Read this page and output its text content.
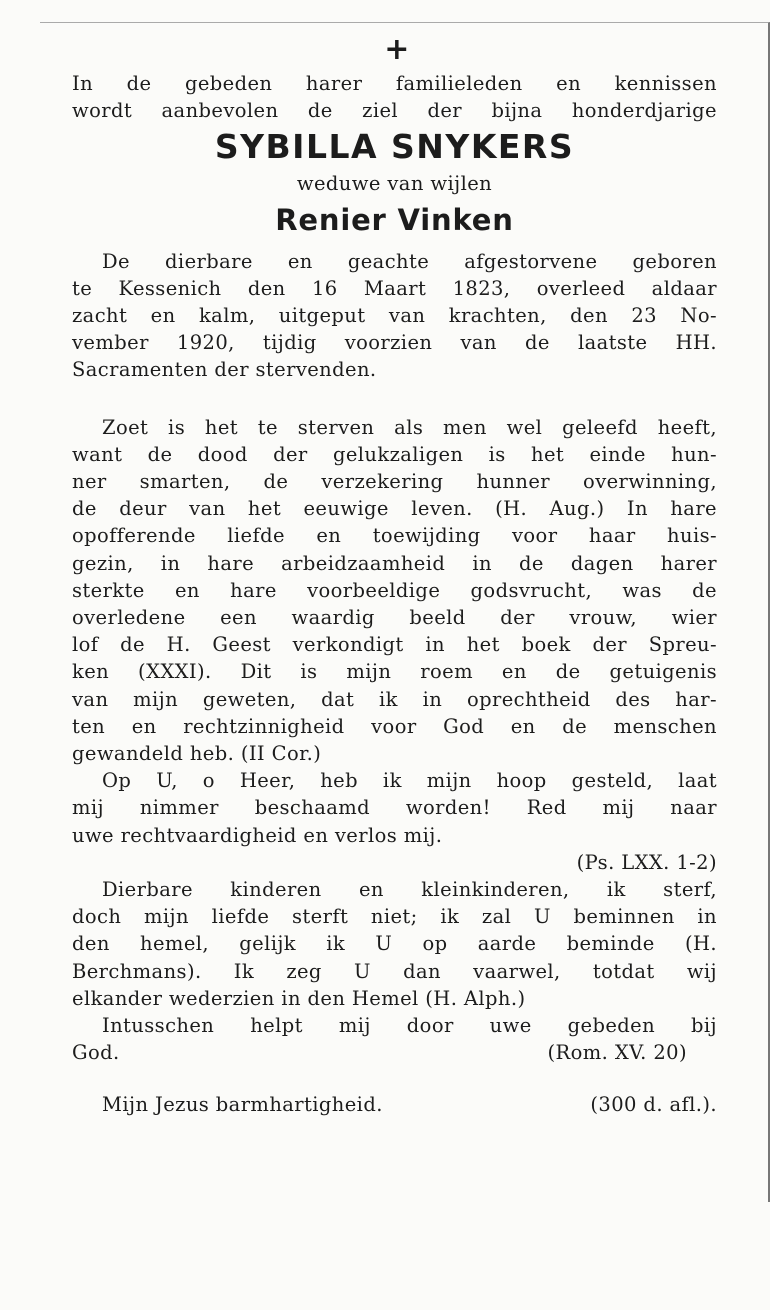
+
In de gebeden harer familieleden en kennissen
wordt aanbevolen de ziel der bijna honderdjarige
SYBILLA SNYKERS
weduwe van wijlen
Renier Vinken
De dierbare en geachte afgestorvene geboren
te Kessenich den 16 Maart 1823, overleed aldaar
zacht en kalm, uitgeput van krachten, den 23 No-
vember 1920, tijdig voorzien van de laatste HH.
Sacramenten der stervenden.
Zoet is het te sterven als men wel geleefd heeft,
want de dood der gelukzaligen is het einde hun-
ner smarten, de verzekering hunner overwinning,
de deur van het eeuwige leven. (H. Aug.) In hare
opofferende liefde en toewijding voor haar huis-
gezin, in hare arbeidzaamheid in de dagen harer
sterkte en hare voorbeeldige godsvrucht, was de
overledene een waardig beeld der vrouw, wier
lof de H. Geest verkondigt in het boek der Spreu-
ken (XXXI). Dit is mijn roem en de getuigenis
van mijn geweten, dat ik in oprechtheid des har-
ten en rechtzinnigheid voor God en de menschen
gewandeld heb. (II Cor.)
Op U, o Heer, heb ik mijn hoop gesteld, laat
mij nimmer beschaamd worden! Red mij naar
uwe rechtvaardigheid en verlos mij.
(Ps. LXX. 1-2)
Dierbare kinderen en kleinkinderen, ik sterf,
doch mijn liefde sterft niet; ik zal U beminnen in
den hemel, gelijk ik U op aarde beminde (H.
Berchmans). Ik zeg U dan vaarwel, totdat wij
elkander wederzien in den Hemel (H. Alph.)
Intusschen helpt mij door uwe gebeden bij
God.	(Rom. XV. 20)
Mijn Jezus barmhartigheid.	(300 d. afl.).
